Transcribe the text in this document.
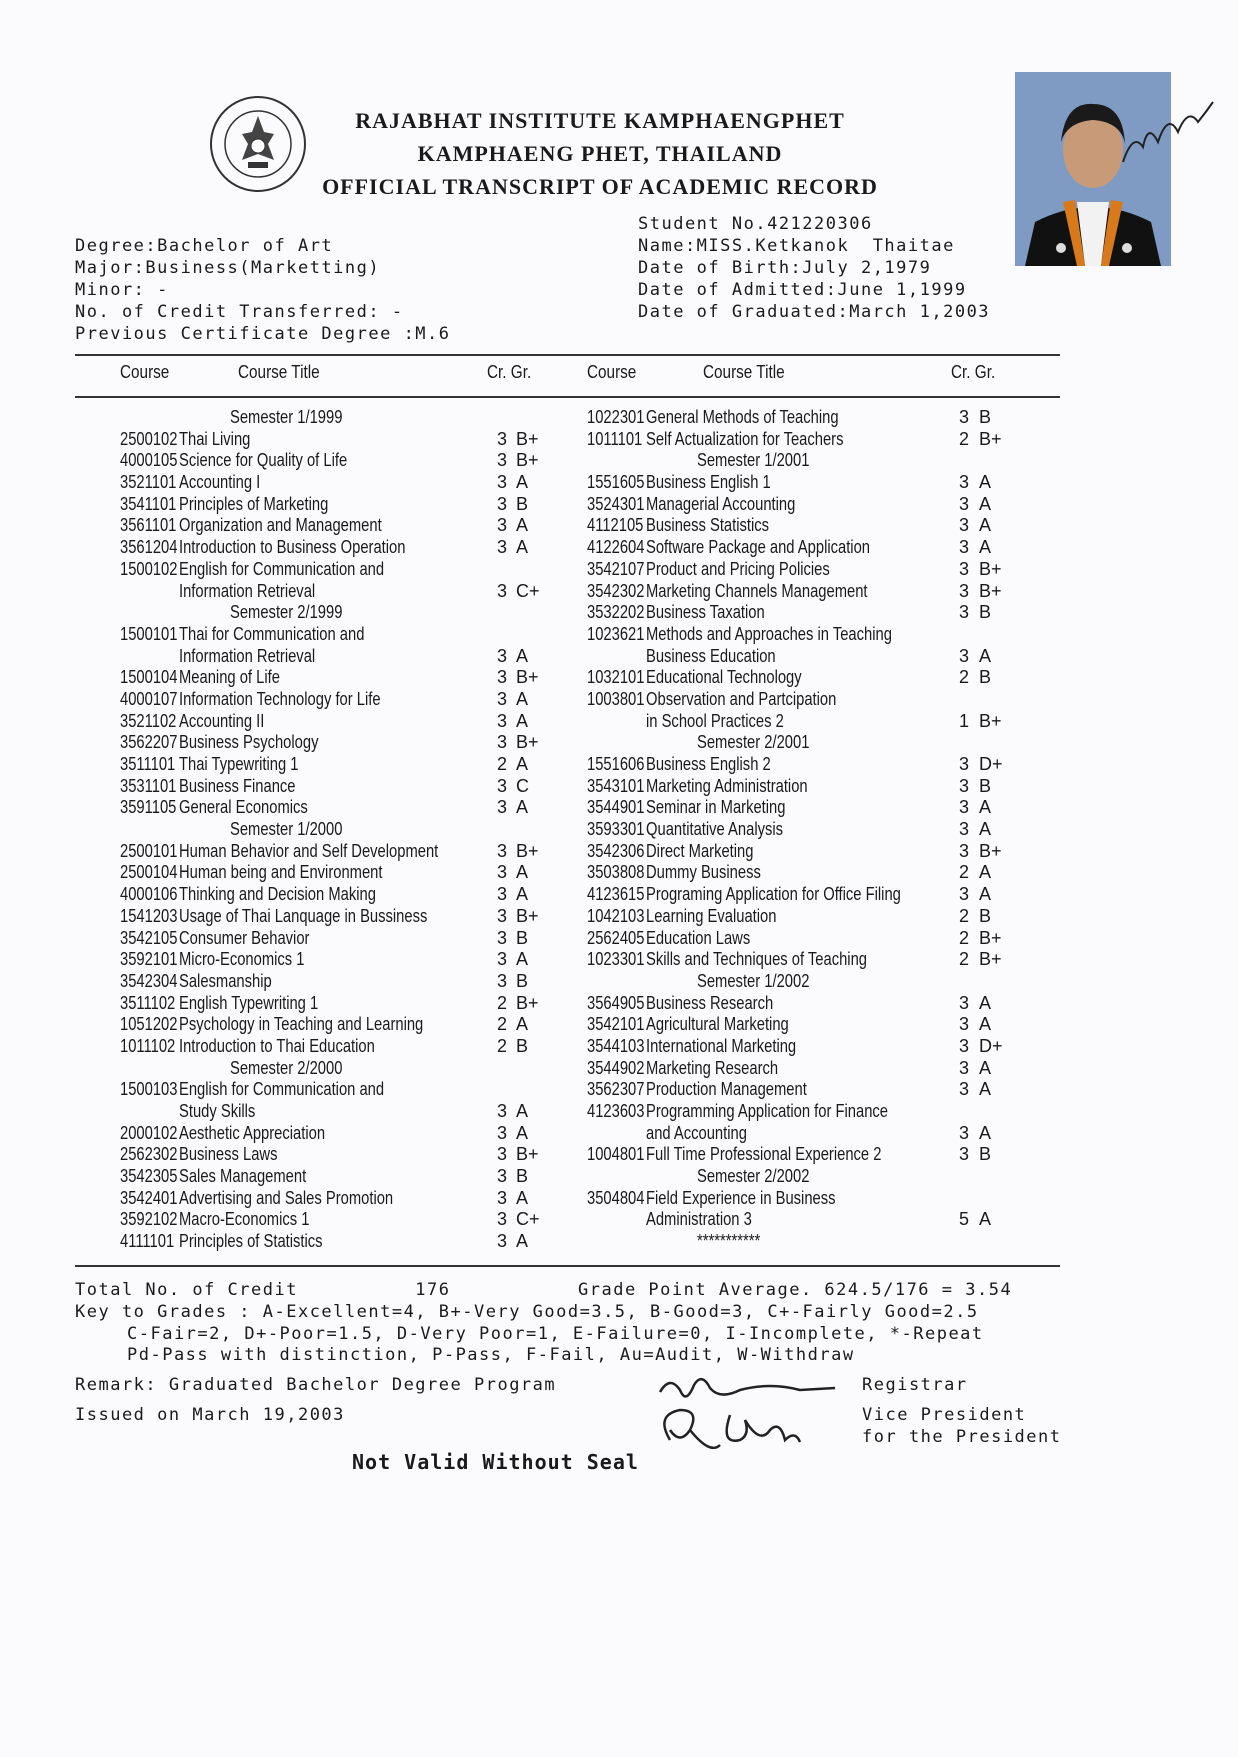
RAJABHAT INSTITUTE KAMPHAENGPHET
KAMPHAENG PHET, THAILAND
OFFICIAL TRANSCRIPT OF ACADEMIC RECORD
Degree:Bachelor of Art
Major:Business(Marketting)
Minor: -
No. of Credit Transferred: -
Previous Certificate Degree :M.6
Student No.421220306
Name:MISS.Ketkanok  Thaitae
Date of Birth:July 2,1979
Date of Admitted:June 1,1999
Date of Graduated:March 1,2003
Course	Course Title	Cr. Gr.	Course	Course Title	Cr. Gr.
Semester 1/1999
2500102 Thai Living	3 B+
4000105 Science for Quality of Life	3 B+
3521101 Accounting I	3 A
3541101 Principles of Marketing	3 B
3561101 Organization and Management	3 A
3561204 Introduction to Business Operation	3 A
1500102 English for Communication and
Information Retrieval	3 C+
Semester 2/1999
1500101 Thai for Communication and
Information Retrieval	3 A
1500104 Meaning of Life	3 B+
4000107 Information Technology for Life	3 A
3521102 Accounting II	3 A
3562207 Business Psychology	3 B+
3511101 Thai Typewriting 1	2 A
3531101 Business Finance	3 C
3591105 General Economics	3 A
Semester 1/2000
2500101 Human Behavior and Self Development	3 B+
2500104 Human being and Environment	3 A
4000106 Thinking and Decision Making	3 A
1541203 Usage of Thai Lanquage in Bussiness	3 B+
3542105 Consumer Behavior	3 B
3592101 Micro-Economics 1	3 A
3542304 Salesmanship	3 B
3511102 English Typewriting 1	2 B+
1051202 Psychology in Teaching and Learning	2 A
1011102 Introduction to Thai Education	2 B
Semester 2/2000
1500103 English for Communication and
Study Skills	3 A
2000102 Aesthetic Appreciation	3 A
2562302 Business Laws	3 B+
3542305 Sales Management	3 B
3542401 Advertising and Sales Promotion	3 A
3592102 Macro-Economics 1	3 C+
4111101 Principles of Statistics	3 A
1022301 General Methods of Teaching	3 B
1011101 Self Actualization for Teachers	2 B+
Semester 1/2001
1551605 Business English 1	3 A
3524301 Managerial Accounting	3 A
4112105 Business Statistics	3 A
4122604 Software Package and Application	3 A
3542107 Product and Pricing Policies	3 B+
3542302 Marketing Channels Management	3 B+
3532202 Business Taxation	3 B
1023621 Methods and Approaches in Teaching
Business Education	3 A
1032101 Educational Technology	2 B
1003801 Observation and Partcipation
in School Practices 2	1 B+
Semester 2/2001
1551606 Business English 2	3 D+
3543101 Marketing Administration	3 B
3544901 Seminar in Marketing	3 A
3593301 Quantitative Analysis	3 A
3542306 Direct Marketing	3 B+
3503808 Dummy Business	2 A
4123615 Programing Application for Office Filing	3 A
1042103 Learning Evaluation	2 B
2562405 Education Laws	2 B+
1023301 Skills and Techniques of Teaching	2 B+
Semester 1/2002
3564905 Business Research	3 A
3542101 Agricultural Marketing	3 A
3544103 International Marketing	3 D+
3544902 Marketing Research	3 A
3562307 Production Management	3 A
4123603 Programming Application for Finance
and Accounting	3 A
1004801 Full Time Professional Experience 2	3 B
Semester 2/2002
3504804 Field Experience in Business
Administration 3	5 A
***********
Total No. of Credit          176	Grade Point Average. 624.5/176 = 3.54
Key to Grades : A-Excellent=4, B+-Very Good=3.5, B-Good=3, C+-Fairly Good=2.5
C-Fair=2, D+-Poor=1.5, D-Very Poor=1, E-Failure=0, I-Incomplete, *-Repeat
Pd-Pass with distinction, P-Pass, F-Fail, Au=Audit, W-Withdraw
Remark: Graduated Bachelor Degree Program
Issued on March 19,2003
Registrar
Vice President
for the President
Not Valid Without Seal
